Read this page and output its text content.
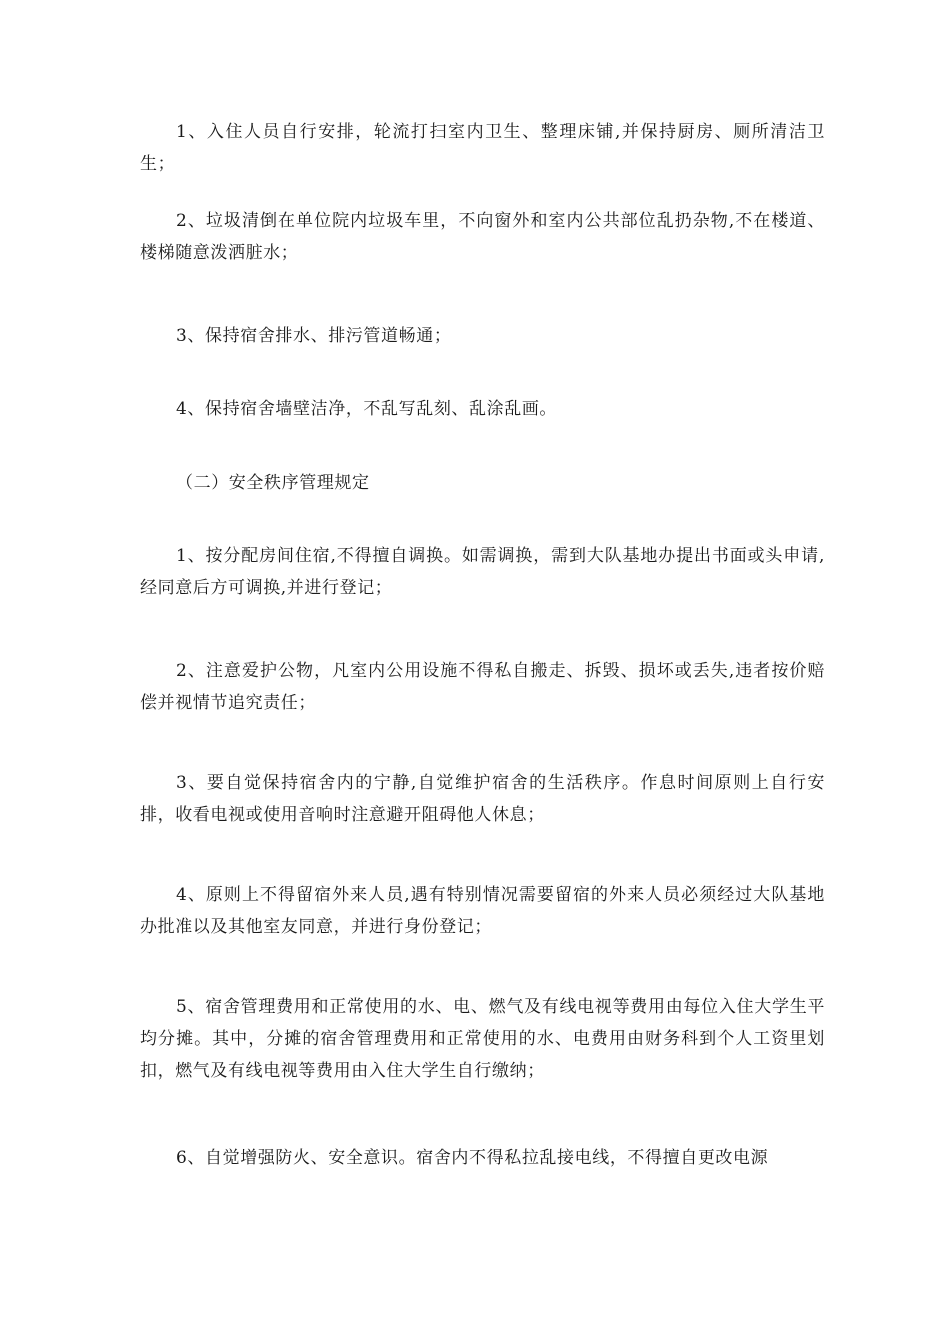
1、入住人员自行安排，轮流打扫室内卫生、整理床铺,并保持厨房、厕所清洁卫生；

2、垃圾清倒在单位院内垃圾车里，不向窗外和室内公共部位乱扔杂物,不在楼道、楼梯随意泼洒脏水；

3、保持宿舍排水、排污管道畅通；

4、保持宿舍墙壁洁净，不乱写乱刻、乱涂乱画。

（二）安全秩序管理规定

1、按分配房间住宿,不得擅自调换。如需调换，需到大队基地办提出书面或头申请,经同意后方可调换,并进行登记；

2、注意爱护公物，凡室内公用设施不得私自搬走、拆毁、损坏或丢失,违者按价赔偿并视情节追究责任；

3、要自觉保持宿舍内的宁静,自觉维护宿舍的生活秩序。作息时间原则上自行安排，收看电视或使用音响时注意避开阻碍他人休息；

4、原则上不得留宿外来人员,遇有特别情况需要留宿的外来人员必须经过大队基地办批准以及其他室友同意，并进行身份登记；

5、宿舍管理费用和正常使用的水、电、燃气及有线电视等费用由每位入住大学生平均分摊。其中，分摊的宿舍管理费用和正常使用的水、电费用由财务科到个人工资里划扣，燃气及有线电视等费用由入住大学生自行缴纳；

6、自觉增强防火、安全意识。宿舍内不得私拉乱接电线，不得擅自更改电源
